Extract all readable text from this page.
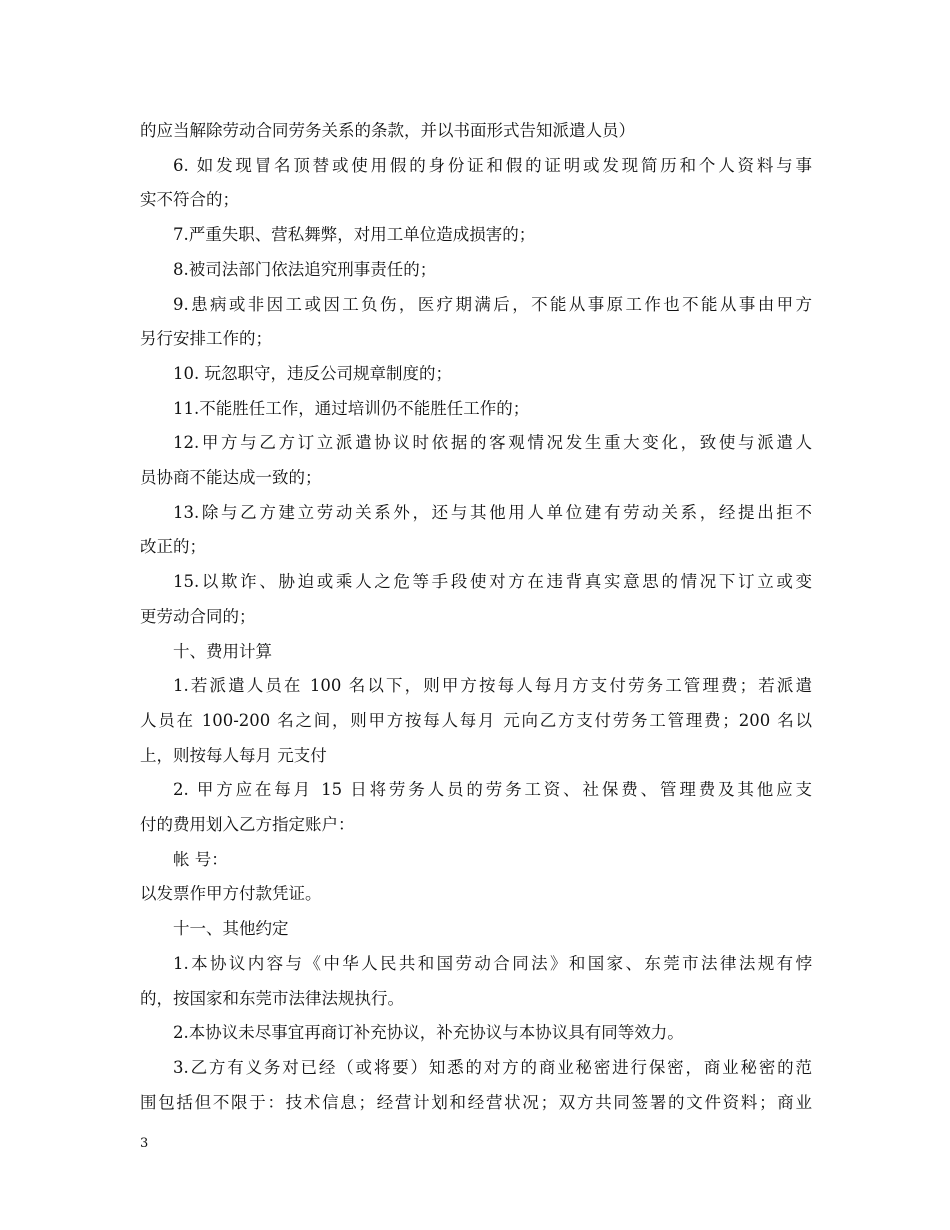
的应当解除劳动合同劳务关系的条款，并以书面形式告知派遣人员）

6. 如发现冒名顶替或使用假的身份证和假的证明或发现简历和个人资料与事

实不符合的；

7.严重失职、营私舞弊，对用工单位造成损害的；

8.被司法部门依法追究刑事责任的；

9.患病或非因工或因工负伤，医疗期满后，不能从事原工作也不能从事由甲方

另行安排工作的；

10. 玩忽职守，违反公司规章制度的；

11.不能胜任工作，通过培训仍不能胜任工作的；

12.甲方与乙方订立派遣协议时依据的客观情况发生重大变化，致使与派遣人

员协商不能达成一致的；

13.除与乙方建立劳动关系外，还与其他用人单位建有劳动关系，经提出拒不

改正的；

15.以欺诈、胁迫或乘人之危等手段使对方在违背真实意思的情况下订立或变

更劳动合同的；

十、费用计算

1.若派遣人员在 100 名以下，则甲方按每人每月方支付劳务工管理费；若派遣

人员在 100-200 名之间，则甲方按每人每月 元向乙方支付劳务工管理费；200 名以

上，则按每人每月 元支付

2. 甲方应在每月 15 日将劳务人员的劳务工资、社保费、管理费及其他应支

付的费用划入乙方指定账户：

帐 号：

以发票作甲方付款凭证。

十一、其他约定

1.本协议内容与《中华人民共和国劳动合同法》和国家、东莞市法律法规有悖

的，按国家和东莞市法律法规执行。

2.本协议未尽事宜再商订补充协议，补充协议与本协议具有同等效力。

3.乙方有义务对已经（或将要）知悉的对方的商业秘密进行保密，商业秘密的范

围包括但不限于：技术信息；经营计划和经营状况；双方共同签署的文件资料；商业

3
